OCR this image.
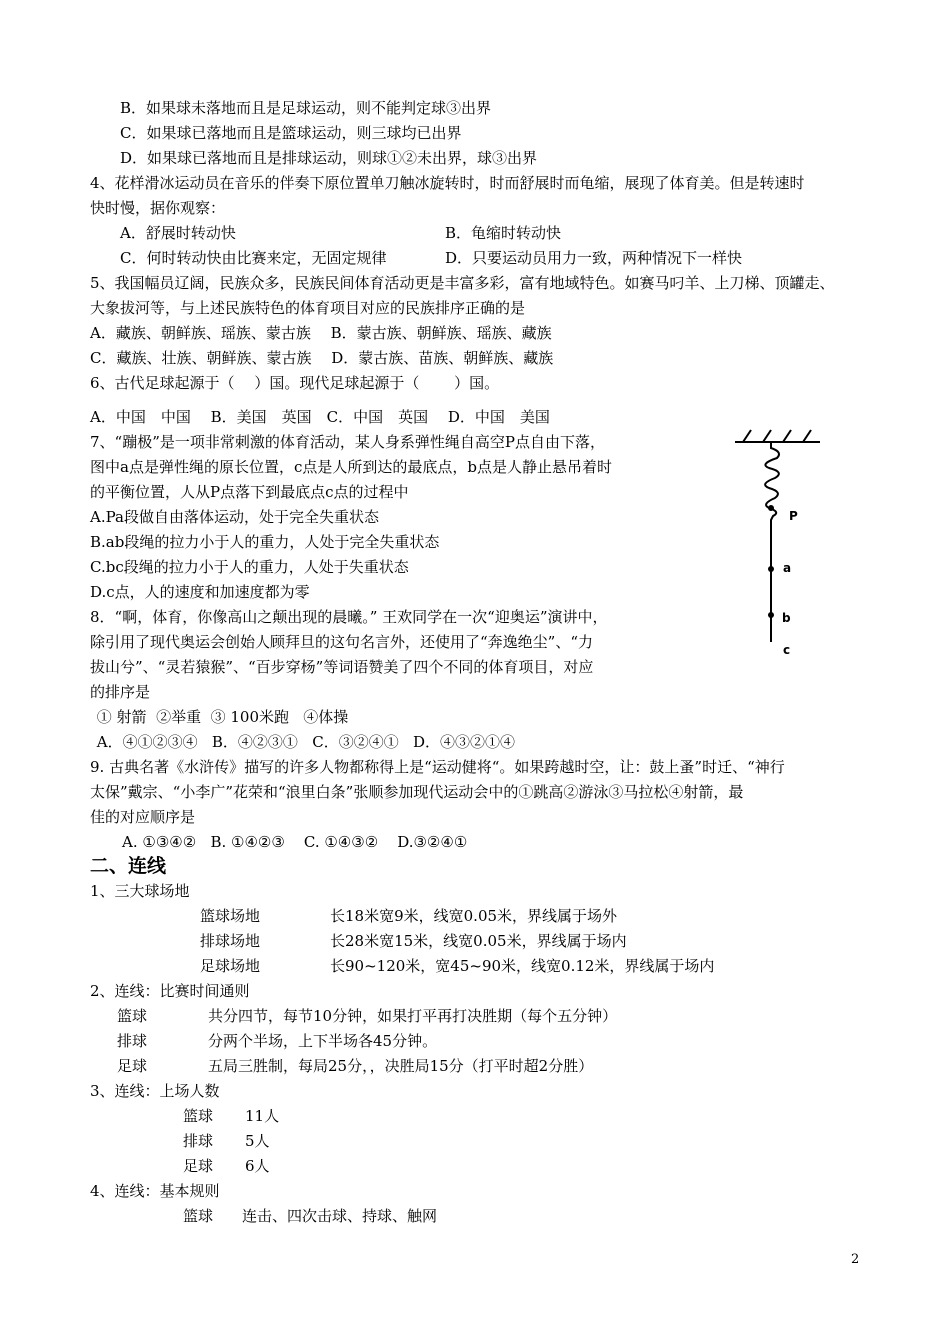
B．如果球未落地而且是足球运动，则不能判定球③出界
C．如果球已落地而且是篮球运动，则三球均已出界
D．如果球已落地而且是排球运动，则球①②未出界，球③出界
4、花样滑冰运动员在音乐的伴奏下原位置单刀触冰旋转时，时而舒展时而龟缩，展现了体育美。但是转速时
快时慢，据你观察：
A．舒展时转动快	B．龟缩时转动快
C．何时转动快由比赛来定，无固定规律	D．只要运动员用力一致，两种情况下一样快
5、我国幅员辽阔，民族众多，民族民间体育活动更是丰富多彩，富有地域特色。如赛马叼羊、上刀梯、顶罐走、
大象拔河等，与上述民族特色的体育项目对应的民族排序正确的是
A．藏族、朝鲜族、瑶族、蒙古族　 B．蒙古族、朝鲜族、瑶族、藏族
C．藏族、壮族、朝鲜族、蒙古族　 D．蒙古族、苗族、朝鲜族、藏族
6、古代足球起源于（　 ）国。现代足球起源于（　　 ）国。
A．中国　中国　 B．美国　英国　C．中国　英国　 D．中国　美国
7、“蹦极”是一项非常刺激的体育活动，某人身系弹性绳自高空P点自由下落，
图中a点是弹性绳的原长位置，c点是人所到达的最底点，b点是人静止悬吊着时
的平衡位置，人从P点落下到最底点c点的过程中
A.Pa段做自由落体运动，处于完全失重状态
B.ab段绳的拉力小于人的重力，人处于完全失重状态
C.bc段绳的拉力小于人的重力，人处于失重状态
D.c点，人的速度和加速度都为零
P
a
b
c
8．“啊，体育，你像高山之颠出现的晨曦。” 王欢同学在一次“迎奥运”演讲中，
除引用了现代奥运会创始人顾拜旦的这句名言外，还使用了“奔逸绝尘”、“力
拔山兮”、“灵若猿猴”、“百步穿杨”等词语赞美了四个不同的体育项目，对应
的排序是
① 射箭  ②举重  ③ 100米跑   ④体操
A．④①②③④   B．④②③①   C．③②④①   D．④③②①④
9. 古典名著《水浒传》描写的许多人物都称得上是“运动健将“。如果跨越时空，让：鼓上蚤”时迁、“神行
太保”戴宗、“小李广”花荣和“浪里白条”张顺参加现代运动会中的①跳高②游泳③马拉松④射箭，最
佳的对应顺序是
A. ①③④②   B. ①④②③    C. ①④③②    D.③②④①
二、连线
1、三大球场地
篮球场地	长18米宽9米，线宽0.05米，界线属于场外
排球场地	长28米宽15米，线宽0.05米，界线属于场内
足球场地	长90~120米，宽45~90米，线宽0.12米，界线属于场内
2、连线：比赛时间通则
篮球	共分四节，每节10分钟，如果打平再打决胜期（每个五分钟）
排球	分两个半场，上下半场各45分钟。
足球	五局三胜制，每局25分，，决胜局15分（打平时超2分胜）
3、连线：上场人数
篮球 11人
排球 5人
足球 6人
4、连线：基本规则
篮球 连击、四次击球、持球、触网
2
